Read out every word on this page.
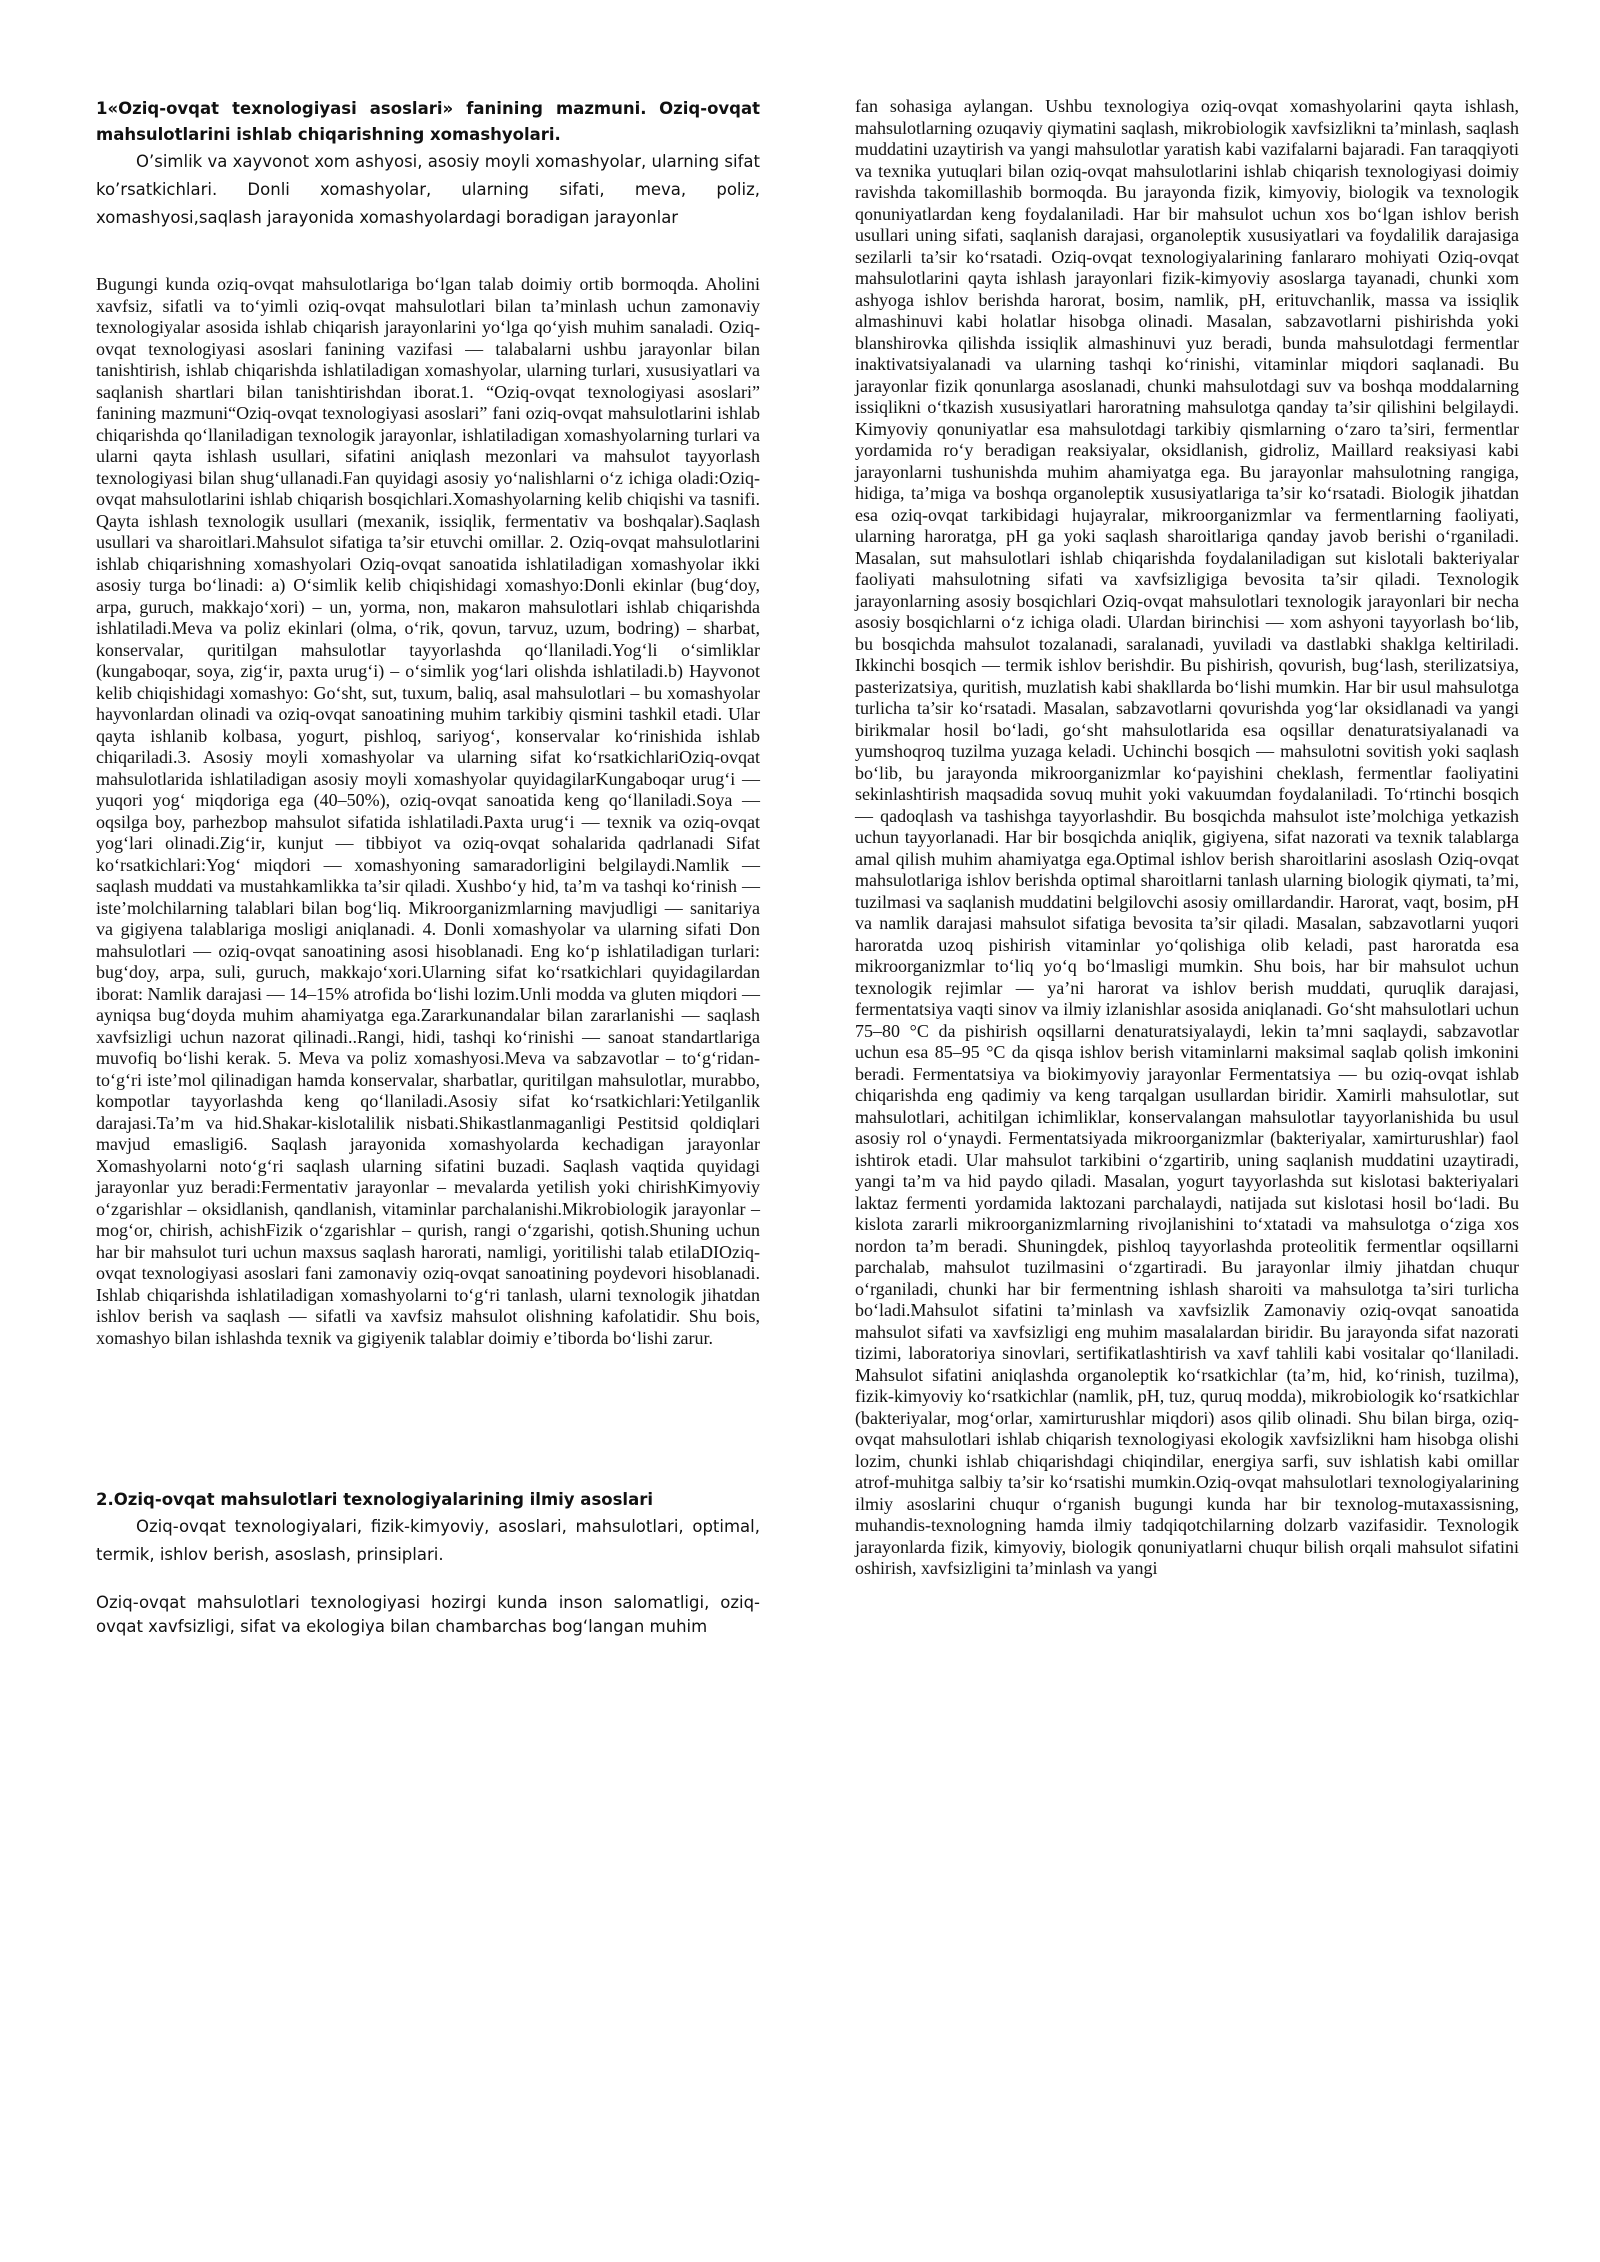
1«Oziq-ovqat texnologiyasi asoslari» fanining mazmuni. Oziq-ovqat mahsulotlarini ishlab chiqarishning xomashyolari.

O’simlik va xayvonot xom ashyosi, asosiy moyli xomashyolar, ularning sifat ko’rsatkichlari. Donli xomashyolar, ularning sifati, meva, poliz, xomashyosi,saqlash jarayonida xomashyolardagi boradigan jarayonlar

Bugungi kunda oziq-ovqat mahsulotlariga bo‘lgan talab doimiy ortib bormoqda. Aholini xavfsiz, sifatli va to‘yimli oziq-ovqat mahsulotlari bilan ta’minlash uchun zamonaviy texnologiyalar asosida ishlab chiqarish jarayonlarini yo‘lga qo‘yish muhim sanaladi. Oziq-ovqat texnologiyasi asoslari fanining vazifasi — talabalarni ushbu jarayonlar bilan tanishtirish, ishlab chiqarishda ishlatiladigan xomashyolar, ularning turlari, xususiyatlari va saqlanish shartlari bilan tanishtirishdan iborat.1. “Oziq-ovqat texnologiyasi asoslari” fanining mazmuni“Oziq-ovqat texnologiyasi asoslari” fani oziq-ovqat mahsulotlarini ishlab chiqarishda qo‘llaniladigan texnologik jarayonlar, ishlatiladigan xomashyolarning turlari va ularni qayta ishlash usullari, sifatini aniqlash mezonlari va mahsulot tayyorlash texnologiyasi bilan shug‘ullanadi.Fan quyidagi asosiy yo‘nalishlarni o‘z ichiga oladi:Oziq-ovqat mahsulotlarini ishlab chiqarish bosqichlari.Xomashyolarning kelib chiqishi va tasnifi. Qayta ishlash texnologik usullari (mexanik, issiqlik, fermentativ va boshqalar).Saqlash usullari va sharoitlari.Mahsulot sifatiga ta’sir etuvchi omillar. 2. Oziq-ovqat mahsulotlarini ishlab chiqarishning xomashyolari Oziq-ovqat sanoatida ishlatiladigan xomashyolar ikki asosiy turga bo‘linadi: a) O‘simlik kelib chiqishidagi xomashyo:Donli ekinlar (bug‘doy, arpa, guruch, makkajo‘xori) – un, yorma, non, makaron mahsulotlari ishlab chiqarishda ishlatiladi.Meva va poliz ekinlari (olma, o‘rik, qovun, tarvuz, uzum, bodring) – sharbat, konservalar, quritilgan mahsulotlar tayyorlashda qo‘llaniladi.Yog‘li o‘simliklar (kungaboqar, soya, zig‘ir, paxta urug‘i) – o‘simlik yog‘lari olishda ishlatiladi.b) Hayvonot kelib chiqishidagi xomashyo: Go‘sht, sut, tuxum, baliq, asal mahsulotlari – bu xomashyolar hayvonlardan olinadi va oziq-ovqat sanoatining muhim tarkibiy qismini tashkil etadi. Ular qayta ishlanib kolbasa, yogurt, pishloq, sariyog‘, konservalar ko‘rinishida ishlab chiqariladi.3. Asosiy moyli xomashyolar va ularning sifat ko‘rsatkichlariOziq-ovqat mahsulotlarida ishlatiladigan asosiy moyli xomashyolar quyidagilarKungaboqar urug‘i — yuqori yog‘ miqdoriga ega (40–50%), oziq-ovqat sanoatida keng qo‘llaniladi.Soya — oqsilga boy, parhezbop mahsulot sifatida ishlatiladi.Paxta urug‘i — texnik va oziq-ovqat yog‘lari olinadi.Zig‘ir, kunjut — tibbiyot va oziq-ovqat sohalarida qadrlanadi Sifat ko‘rsatkichlari:Yog‘ miqdori — xomashyoning samaradorligini belgilaydi.Namlik — saqlash muddati va mustahkamlikka ta’sir qiladi. Xushbo‘y hid, ta’m va tashqi ko‘rinish — iste’molchilarning talablari bilan bog‘liq. Mikroorganizmlarning mavjudligi — sanitariya va gigiyena talablariga mosligi aniqlanadi. 4. Donli xomashyolar va ularning sifati Don mahsulotlari — oziq-ovqat sanoatining asosi hisoblanadi. Eng ko‘p ishlatiladigan turlari: bug‘doy, arpa, suli, guruch, makkajo‘xori.Ularning sifat ko‘rsatkichlari quyidagilardan iborat: Namlik darajasi — 14–15% atrofida bo‘lishi lozim.Unli modda va gluten miqdori — ayniqsa bug‘doyda muhim ahamiyatga ega.Zararkunandalar bilan zararlanishi — saqlash xavfsizligi uchun nazorat qilinadi..Rangi, hidi, tashqi ko‘rinishi — sanoat standartlariga muvofiq bo‘lishi kerak. 5. Meva va poliz xomashyosi.Meva va sabzavotlar – to‘g‘ridan-to‘g‘ri iste’mol qilinadigan hamda konservalar, sharbatlar, quritilgan mahsulotlar, murabbo, kompotlar tayyorlashda keng qo‘llaniladi.Asosiy sifat ko‘rsatkichlari:Yetilganlik darajasi.Ta’m va hid.Shakar-kislotalilik nisbati.Shikastlanmaganligi Pestitsid qoldiqlari mavjud emasligi6. Saqlash jarayonida xomashyolarda kechadigan jarayonlar Xomashyolarni noto‘g‘ri saqlash ularning sifatini buzadi. Saqlash vaqtida quyidagi jarayonlar yuz beradi:Fermentativ jarayonlar – mevalarda yetilish yoki chirishKimyoviy o‘zgarishlar – oksidlanish, qandlanish, vitaminlar parchalanishi.Mikrobiologik jarayonlar – mog‘or, chirish, achishFizik o‘zgarishlar – qurish, rangi o‘zgarishi, qotish.Shuning uchun har bir mahsulot turi uchun maxsus saqlash harorati, namligi, yoritilishi talab etilaDIOziq-ovqat texnologiyasi asoslari fani zamonaviy oziq-ovqat sanoatining poydevori hisoblanadi. Ishlab chiqarishda ishlatiladigan xomashyolarni to‘g‘ri tanlash, ularni texnologik jihatdan ishlov berish va saqlash — sifatli va xavfsiz mahsulot olishning kafolatidir. Shu bois, xomashyo bilan ishlashda texnik va gigiyenik talablar doimiy e’tiborda bo‘lishi zarur.

2.Oziq-ovqat mahsulotlari texnologiyalarining ilmiy asoslari

Oziq-ovqat texnologiyalari, fizik-kimyoviy, asoslari, mahsulotlari, optimal, termik, ishlov berish, asoslash, prinsiplari.

Oziq-ovqat mahsulotlari texnologiyasi hozirgi kunda inson salomatligi, oziq-ovqat xavfsizligi, sifat va ekologiya bilan chambarchas bog‘langan muhim

fan sohasiga aylangan. Ushbu texnologiya oziq-ovqat xomashyolarini qayta ishlash, mahsulotlarning ozuqaviy qiymatini saqlash, mikrobiologik xavfsizlikni ta’minlash, saqlash muddatini uzaytirish va yangi mahsulotlar yaratish kabi vazifalarni bajaradi. Fan taraqqiyoti va texnika yutuqlari bilan oziq-ovqat mahsulotlarini ishlab chiqarish texnologiyasi doimiy ravishda takomillashib bormoqda. Bu jarayonda fizik, kimyoviy, biologik va texnologik qonuniyatlardan keng foydalaniladi. Har bir mahsulot uchun xos bo‘lgan ishlov berish usullari uning sifati, saqlanish darajasi, organoleptik xususiyatlari va foydalilik darajasiga sezilarli ta’sir ko‘rsatadi. Oziq-ovqat texnologiyalarining fanlararo mohiyati Oziq-ovqat mahsulotlarini qayta ishlash jarayonlari fizik-kimyoviy asoslarga tayanadi, chunki xom ashyoga ishlov berishda harorat, bosim, namlik, pH, erituvchanlik, massa va issiqlik almashinuvi kabi holatlar hisobga olinadi. Masalan, sabzavotlarni pishirishda yoki blanshirovka qilishda issiqlik almashinuvi yuz beradi, bunda mahsulotdagi fermentlar inaktivatsiyalanadi va ularning tashqi ko‘rinishi, vitaminlar miqdori saqlanadi. Bu jarayonlar fizik qonunlarga asoslanadi, chunki mahsulotdagi suv va boshqa moddalarning issiqlikni o‘tkazish xususiyatlari haroratning mahsulotga qanday ta’sir qilishini belgilaydi. Kimyoviy qonuniyatlar esa mahsulotdagi tarkibiy qismlarning o‘zaro ta’siri, fermentlar yordamida ro‘y beradigan reaksiyalar, oksidlanish, gidroliz, Maillard reaksiyasi kabi jarayonlarni tushunishda muhim ahamiyatga ega. Bu jarayonlar mahsulotning rangiga, hidiga, ta’miga va boshqa organoleptik xususiyatlariga ta’sir ko‘rsatadi. Biologik jihatdan esa oziq-ovqat tarkibidagi hujayralar, mikroorganizmlar va fermentlarning faoliyati, ularning haroratga, pH ga yoki saqlash sharoitlariga qanday javob berishi o‘rganiladi. Masalan, sut mahsulotlari ishlab chiqarishda foydalaniladigan sut kislotali bakteriyalar faoliyati mahsulotning sifati va xavfsizligiga bevosita ta’sir qiladi. Texnologik jarayonlarning asosiy bosqichlari Oziq-ovqat mahsulotlari texnologik jarayonlari bir necha asosiy bosqichlarni o‘z ichiga oladi. Ulardan birinchisi — xom ashyoni tayyorlash bo‘lib, bu bosqichda mahsulot tozalanadi, saralanadi, yuviladi va dastlabki shaklga keltiriladi. Ikkinchi bosqich — termik ishlov berishdir. Bu pishirish, qovurish, bug‘lash, sterilizatsiya, pasterizatsiya, quritish, muzlatish kabi shakllarda bo‘lishi mumkin. Har bir usul mahsulotga turlicha ta’sir ko‘rsatadi. Masalan, sabzavotlarni qovurishda yog‘lar oksidlanadi va yangi birikmalar hosil bo‘ladi, go‘sht mahsulotlarida esa oqsillar denaturatsiyalanadi va yumshoqroq tuzilma yuzaga keladi. Uchinchi bosqich — mahsulotni sovitish yoki saqlash bo‘lib, bu jarayonda mikroorganizmlar ko‘payishini cheklash, fermentlar faoliyatini sekinlashtirish maqsadida sovuq muhit yoki vakuumdan foydalaniladi. To‘rtinchi bosqich — qadoqlash va tashishga tayyorlashdir. Bu bosqichda mahsulot iste’molchiga yetkazish uchun tayyorlanadi. Har bir bosqichda aniqlik, gigiyena, sifat nazorati va texnik talablarga amal qilish muhim ahamiyatga ega.Optimal ishlov berish sharoitlarini asoslash Oziq-ovqat mahsulotlariga ishlov berishda optimal sharoitlarni tanlash ularning biologik qiymati, ta’mi, tuzilmasi va saqlanish muddatini belgilovchi asosiy omillardandir. Harorat, vaqt, bosim, pH va namlik darajasi mahsulot sifatiga bevosita ta’sir qiladi. Masalan, sabzavotlarni yuqori haroratda uzoq pishirish vitaminlar yo‘qolishiga olib keladi, past haroratda esa mikroorganizmlar to‘liq yo‘q bo‘lmasligi mumkin. Shu bois, har bir mahsulot uchun texnologik rejimlar — ya’ni harorat va ishlov berish muddati, quruqlik darajasi, fermentatsiya vaqti sinov va ilmiy izlanishlar asosida aniqlanadi. Go‘sht mahsulotlari uchun 75–80 °C da pishirish oqsillarni denaturatsiyalaydi, lekin ta’mni saqlaydi, sabzavotlar uchun esa 85–95 °C da qisqa ishlov berish vitaminlarni maksimal saqlab qolish imkonini beradi. Fermentatsiya va biokimyoviy jarayonlar Fermentatsiya — bu oziq-ovqat ishlab chiqarishda eng qadimiy va keng tarqalgan usullardan biridir. Xamirli mahsulotlar, sut mahsulotlari, achitilgan ichimliklar, konservalangan mahsulotlar tayyorlanishida bu usul asosiy rol o‘ynaydi. Fermentatsiyada mikroorganizmlar (bakteriyalar, xamirturushlar) faol ishtirok etadi. Ular mahsulot tarkibini o‘zgartirib, uning saqlanish muddatini uzaytiradi, yangi ta’m va hid paydo qiladi. Masalan, yogurt tayyorlashda sut kislotasi bakteriyalari laktaz fermenti yordamida laktozani parchalaydi, natijada sut kislotasi hosil bo‘ladi. Bu kislota zararli mikroorganizmlarning rivojlanishini to‘xtatadi va mahsulotga o‘ziga xos nordon ta’m beradi. Shuningdek, pishloq tayyorlashda proteolitik fermentlar oqsillarni parchalab, mahsulot tuzilmasini o‘zgartiradi. Bu jarayonlar ilmiy jihatdan chuqur o‘rganiladi, chunki har bir fermentning ishlash sharoiti va mahsulotga ta’siri turlicha bo‘ladi.Mahsulot sifatini ta’minlash va xavfsizlik Zamonaviy oziq-ovqat sanoatida mahsulot sifati va xavfsizligi eng muhim masalalardan biridir. Bu jarayonda sifat nazorati tizimi, laboratoriya sinovlari, sertifikatlashtirish va xavf tahlili kabi vositalar qo‘llaniladi. Mahsulot sifatini aniqlashda organoleptik ko‘rsatkichlar (ta’m, hid, ko‘rinish, tuzilma), fizik-kimyoviy ko‘rsatkichlar (namlik, pH, tuz, quruq modda), mikrobiologik ko‘rsatkichlar (bakteriyalar, mog‘orlar, xamirturushlar miqdori) asos qilib olinadi. Shu bilan birga, oziq-ovqat mahsulotlari ishlab chiqarish texnologiyasi ekologik xavfsizlikni ham hisobga olishi lozim, chunki ishlab chiqarishdagi chiqindilar, energiya sarfi, suv ishlatish kabi omillar atrof-muhitga salbiy ta’sir ko‘rsatishi mumkin.Oziq-ovqat mahsulotlari texnologiyalarining ilmiy asoslarini chuqur o‘rganish bugungi kunda har bir texnolog-mutaxassisning, muhandis-texnologning hamda ilmiy tadqiqotchilarning dolzarb vazifasidir. Texnologik jarayonlarda fizik, kimyoviy, biologik qonuniyatlarni chuqur bilish orqali mahsulot sifatini oshirish, xavfsizligini ta’minlash va yangi
